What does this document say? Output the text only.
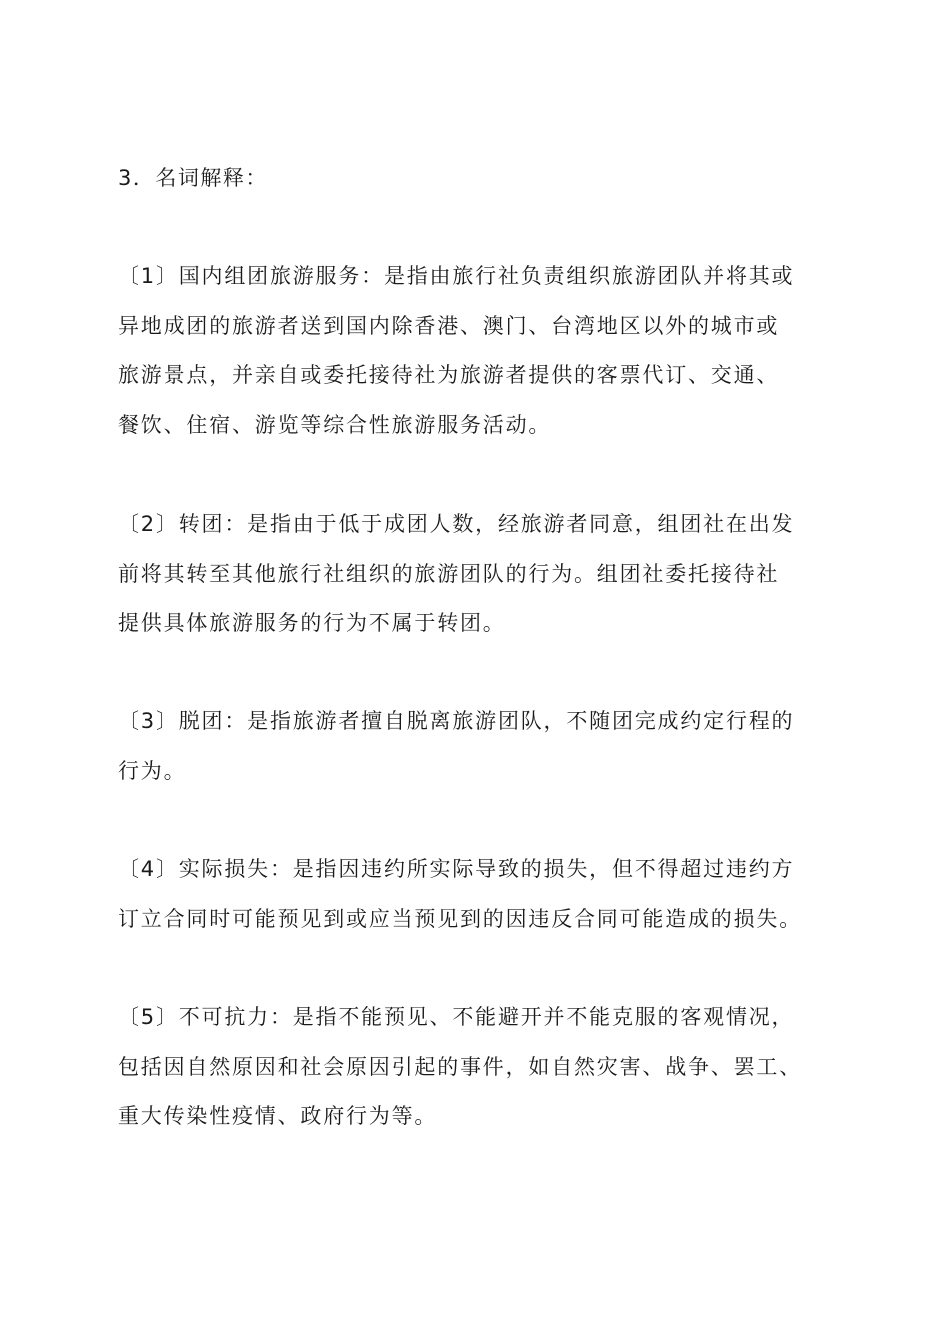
3．名词解释：
〔1〕国内组团旅游服务：是指由旅行社负责组织旅游团队并将其或
异地成团的旅游者送到国内除香港、澳门、台湾地区以外的城市或
旅游景点，并亲自或委托接待社为旅游者提供的客票代订、交通、
餐饮、住宿、游览等综合性旅游服务活动。
〔2〕转团：是指由于低于成团人数，经旅游者同意，组团社在出发
前将其转至其他旅行社组织的旅游团队的行为。组团社委托接待社
提供具体旅游服务的行为不属于转团。
〔3〕脱团：是指旅游者擅自脱离旅游团队，不随团完成约定行程的
行为。
〔4〕实际损失：是指因违约所实际导致的损失，但不得超过违约方
订立合同时可能预见到或应当预见到的因违反合同可能造成的损失。
〔5〕不可抗力：是指不能预见、不能避开并不能克服的客观情况，
包括因自然原因和社会原因引起的事件，如自然灾害、战争、罢工、
重大传染性疫情、政府行为等。
